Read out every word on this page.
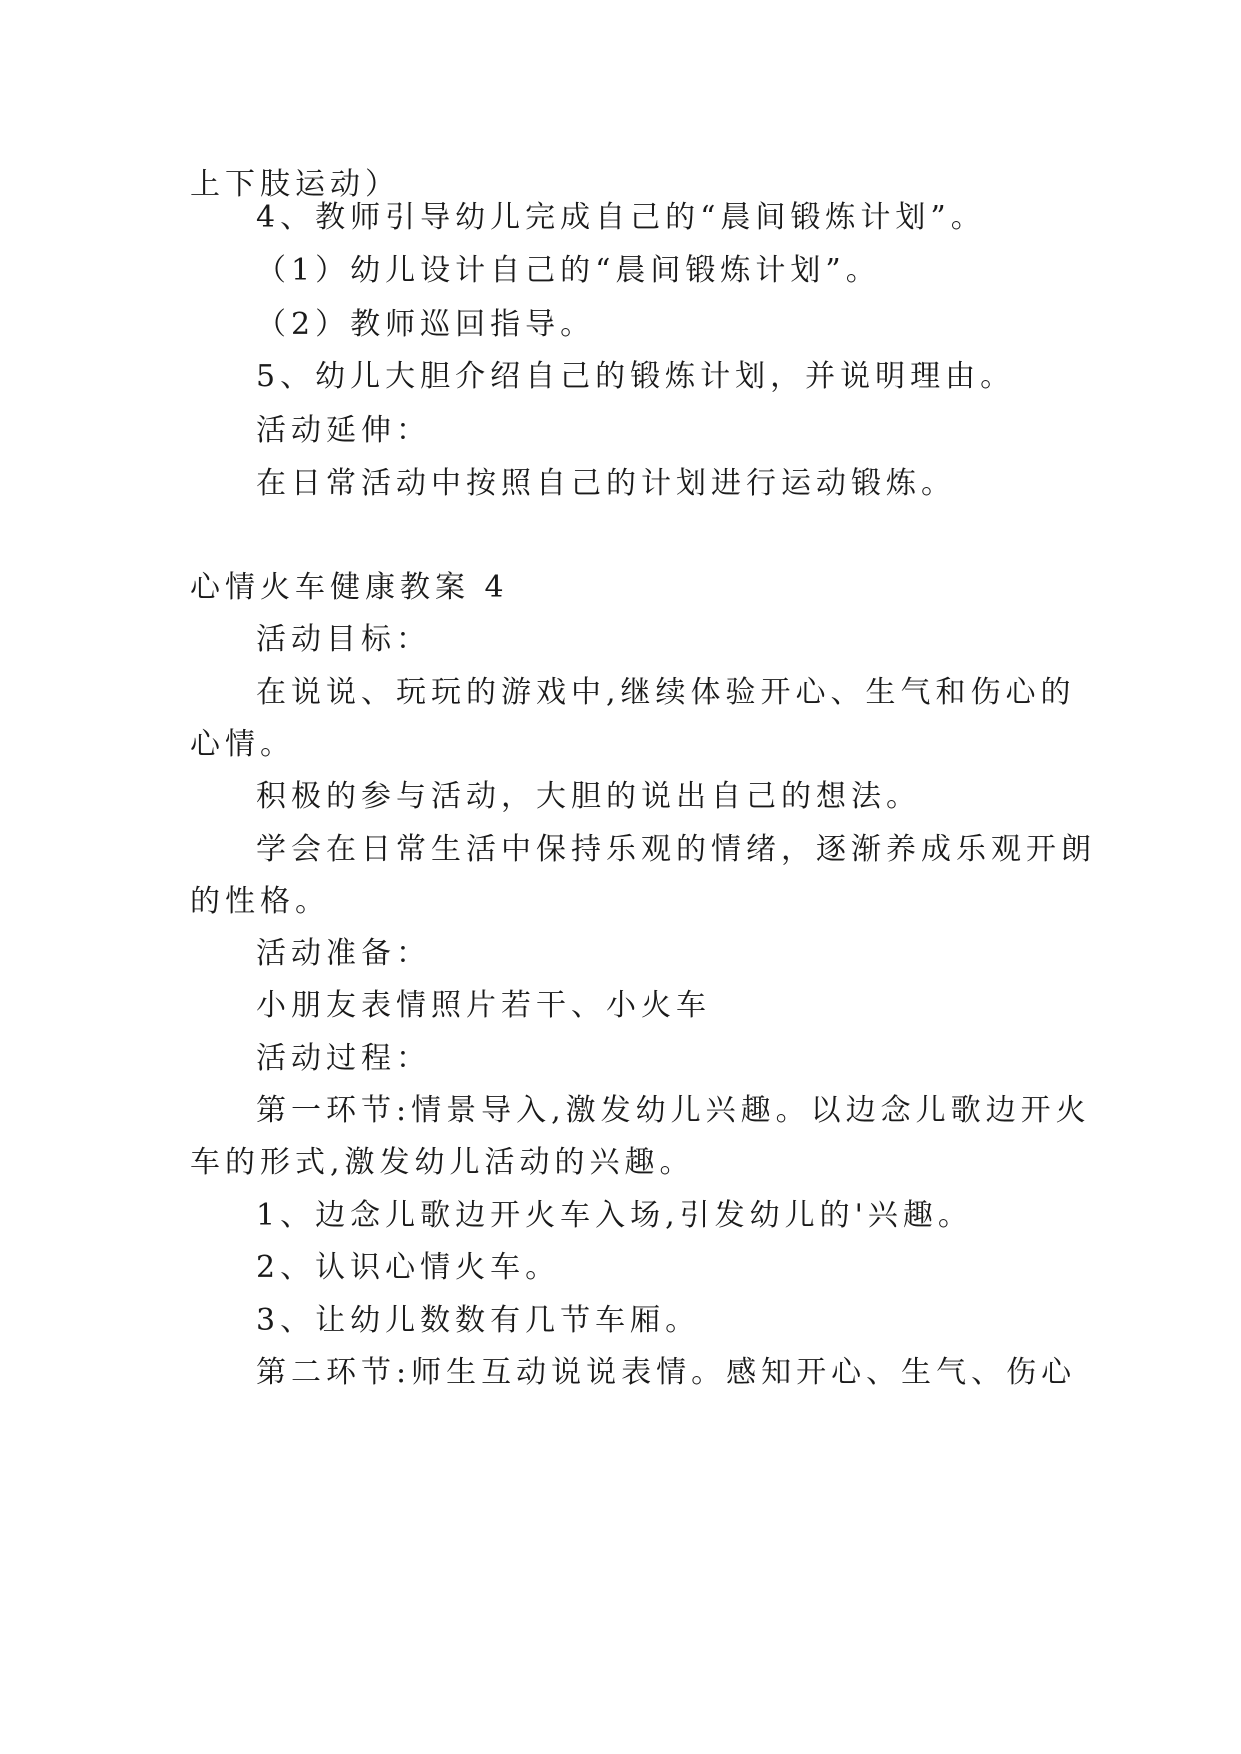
上下肢运动）
4、教师引导幼儿完成自己的“晨间锻炼计划”。
（1）幼儿设计自己的“晨间锻炼计划”。
（2）教师巡回指导。
5、幼儿大胆介绍自己的锻炼计划，并说明理由。
活动延伸：
在日常活动中按照自己的计划进行运动锻炼。
心情火车健康教案 4
活动目标：
在说说、玩玩的游戏中,继续体验开心、生气和伤心的
心情。
积极的参与活动，大胆的说出自己的想法。
学会在日常生活中保持乐观的情绪，逐渐养成乐观开朗
的性格。
活动准备：
小朋友表情照片若干、小火车
活动过程：
第一环节:情景导入,激发幼儿兴趣。以边念儿歌边开火
车的形式,激发幼儿活动的兴趣。
1、边念儿歌边开火车入场,引发幼儿的'兴趣。
2、认识心情火车。
3、让幼儿数数有几节车厢。
第二环节:师生互动说说表情。感知开心、生气、伤心
